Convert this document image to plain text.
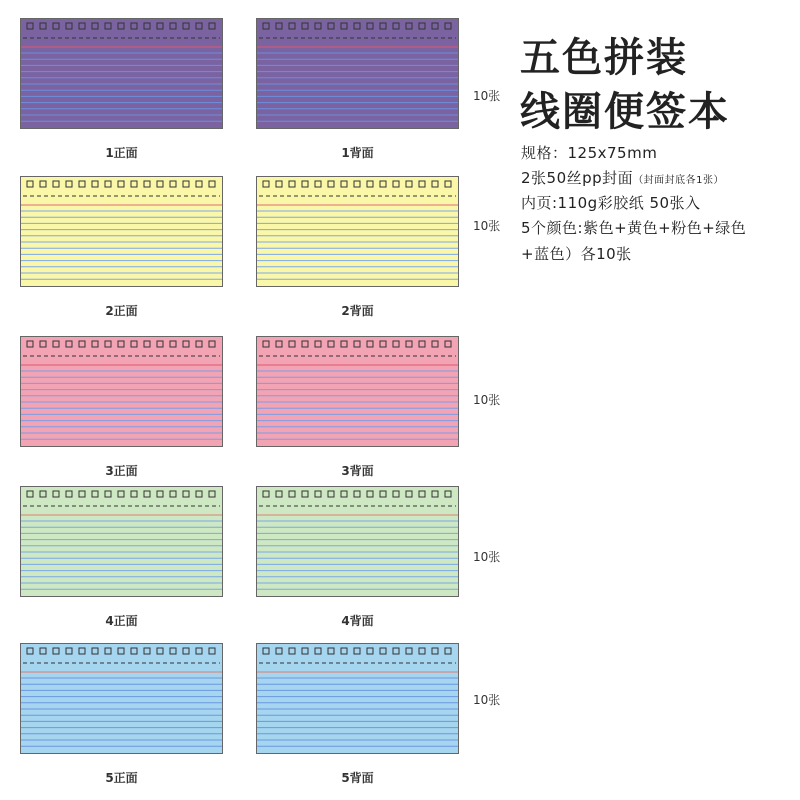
1正面	1背面
10张
2正面	2背面
10张
3正面	3背面
10张
4正面	4背面
10张
5正面	5背面
10张
五色拼装
线圈便签本
规格：125x75mm
2张50丝pp封面（封面封底各1张）
内页:110g彩胶纸 50张入
5个颜色:紫色+黄色+粉色+绿色
+蓝色）各10张
